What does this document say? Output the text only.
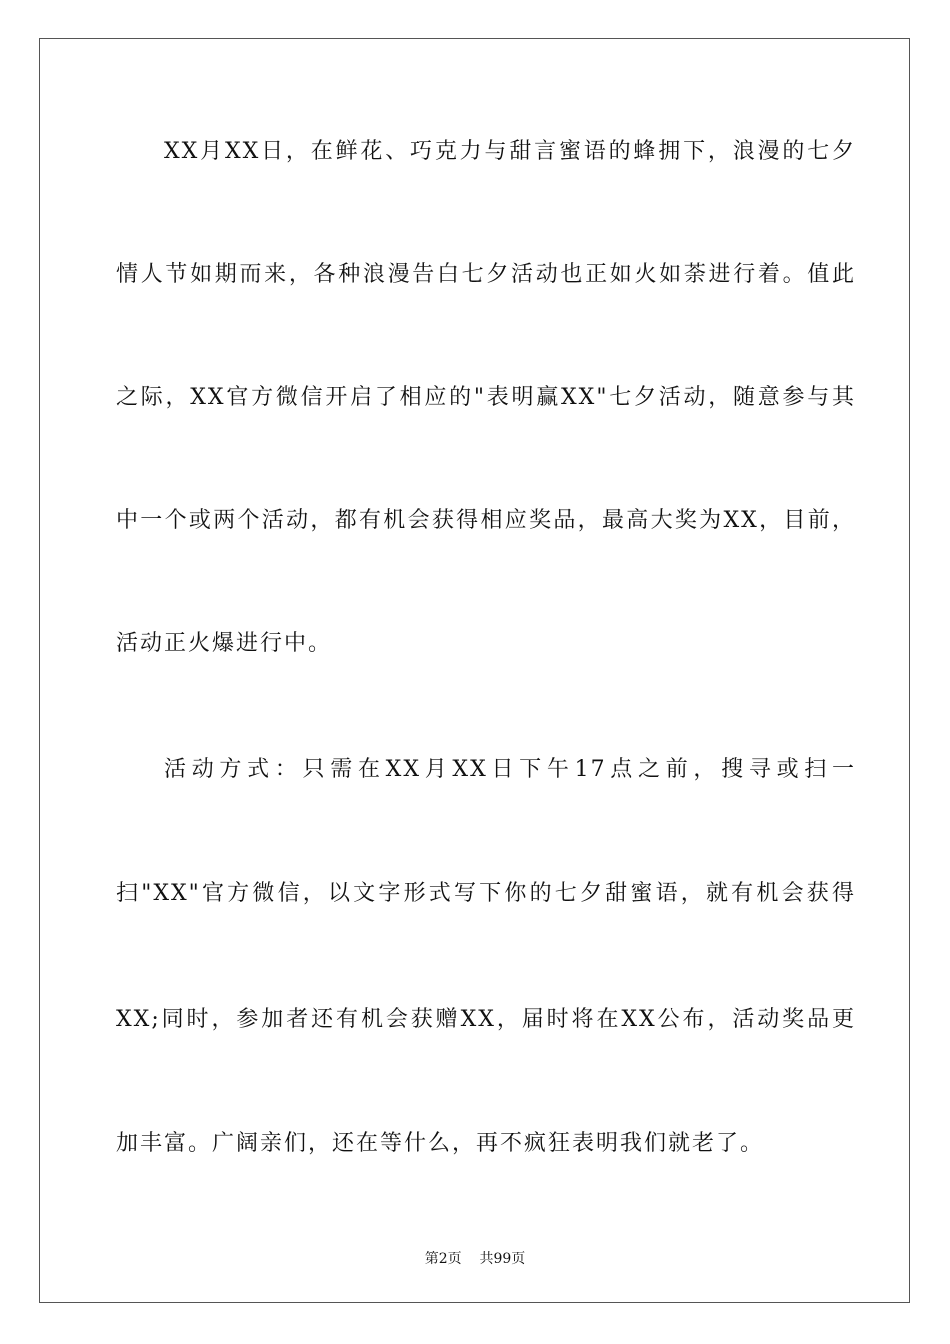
XX月XX日，在鲜花、巧克力与甜言蜜语的蜂拥下，浪漫的七夕
情人节如期而来，各种浪漫告白七夕活动也正如火如荼进行着。值此
之际，XX官方微信开启了相应的"表明赢XX"七夕活动，随意参与其
中一个或两个活动，都有机会获得相应奖品，最高大奖为XX，目前，
活动正火爆进行中。
活动方式：只需在XX月XX日下午17点之前，搜寻或扫一
扫"XX"官方微信，以文字形式写下你的七夕甜蜜语，就有机会获得
XX;同时，参加者还有机会获赠XX，届时将在XX公布，活动奖品更
加丰富。广阔亲们，还在等什么，再不疯狂表明我们就老了。
第2页 共99页
